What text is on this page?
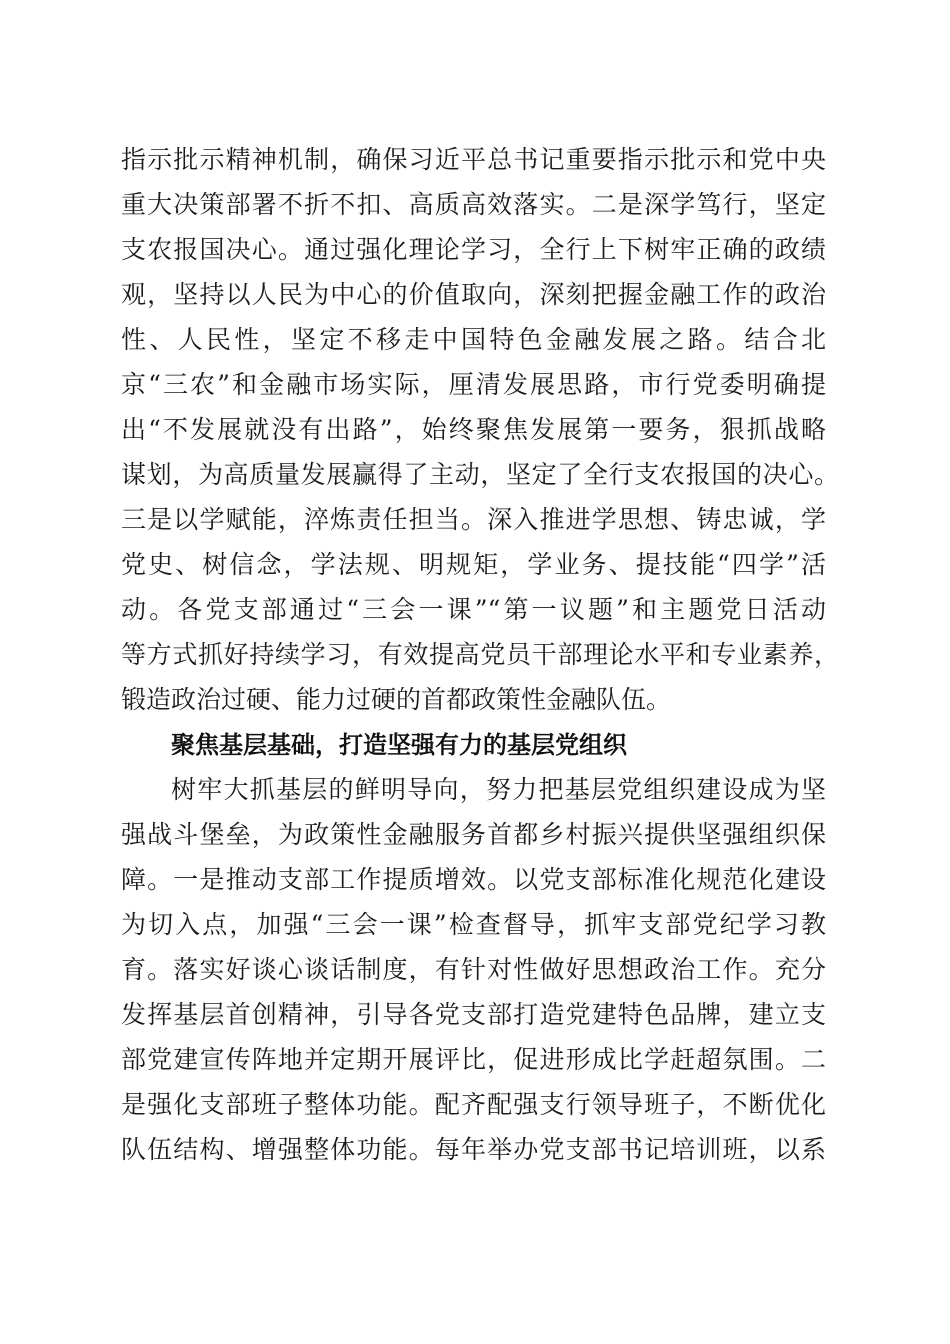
指示批示精神机制，确保习近平总书记重要指示批示和党中央
重大决策部署不折不扣、高质高效落实。二是深学笃行，坚定
支农报国决心。通过强化理论学习，全行上下树牢正确的政绩
观，坚持以人民为中心的价值取向，深刻把握金融工作的政治
性、人民性，坚定不移走中国特色金融发展之路。结合北
京“三农”和金融市场实际，厘清发展思路，市行党委明确提
出“不发展就没有出路”，始终聚焦发展第一要务，狠抓战略
谋划，为高质量发展赢得了主动，坚定了全行支农报国的决心。
三是以学赋能，淬炼责任担当。深入推进学思想、铸忠诚，学
党史、树信念，学法规、明规矩，学业务、提技能“四学”活
动。各党支部通过“三会一课”“第一议题”和主题党日活动
等方式抓好持续学习，有效提高党员干部理论水平和专业素养，
锻造政治过硬、能力过硬的首都政策性金融队伍。
聚焦基层基础，打造坚强有力的基层党组织
树牢大抓基层的鲜明导向，努力把基层党组织建设成为坚
强战斗堡垒，为政策性金融服务首都乡村振兴提供坚强组织保
障。一是推动支部工作提质增效。以党支部标准化规范化建设
为切入点，加强“三会一课”检查督导，抓牢支部党纪学习教
育。落实好谈心谈话制度，有针对性做好思想政治工作。充分
发挥基层首创精神，引导各党支部打造党建特色品牌，建立支
部党建宣传阵地并定期开展评比，促进形成比学赶超氛围。二
是强化支部班子整体功能。配齐配强支行领导班子，不断优化
队伍结构、增强整体功能。每年举办党支部书记培训班，以系
